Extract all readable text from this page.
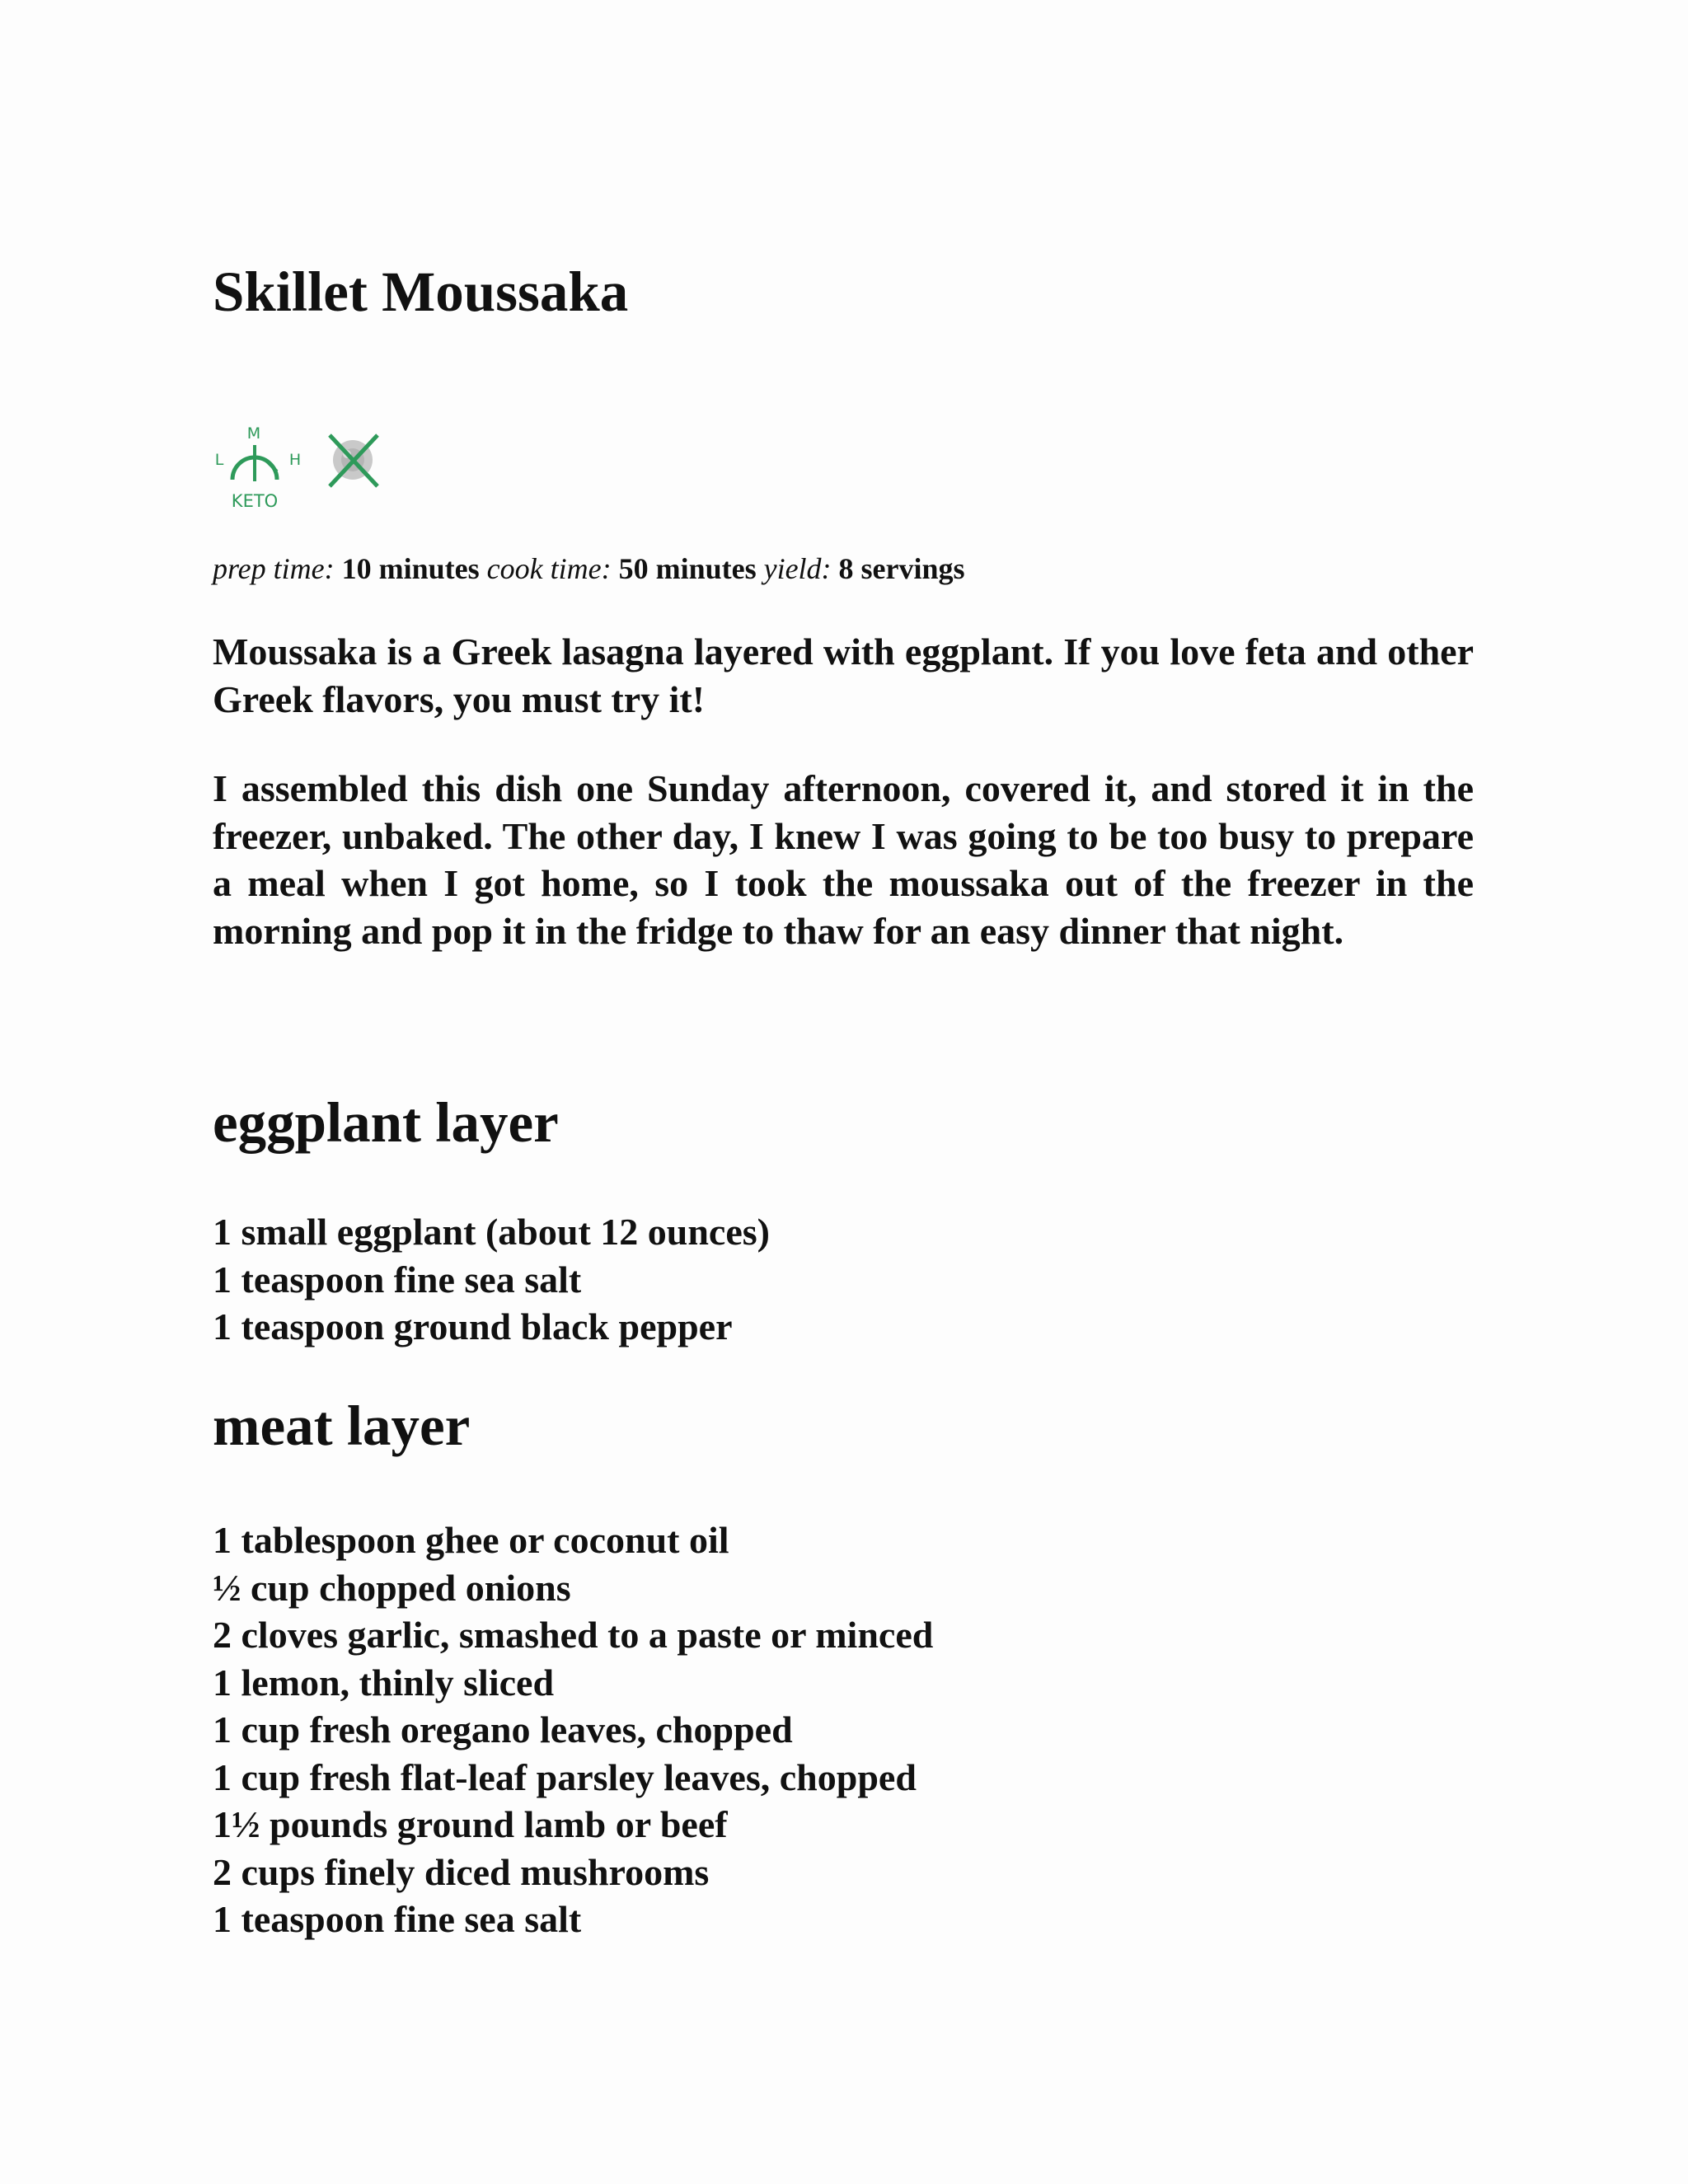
Skillet Moussaka
M
L	H
KETO
prep time: 10 minutes cook time: 50 minutes yield: 8 servings

Moussaka is a Greek lasagna layered with eggplant. If you love feta and other Greek flavors, you must try it!

I assembled this dish one Sunday afternoon, covered it, and stored it in the freezer, unbaked. The other day, I knew I was going to be too busy to prepare a meal when I got home, so I took the moussaka out of the freezer in the morning and pop it in the fridge to thaw for an easy dinner that night.

eggplant layer
1 small eggplant (about 12 ounces)
1 teaspoon fine sea salt
1 teaspoon ground black pepper
meat layer
1 tablespoon ghee or coconut oil
½ cup chopped onions
2 cloves garlic, smashed to a paste or minced
1 lemon, thinly sliced
1 cup fresh oregano leaves, chopped
1 cup fresh flat-leaf parsley leaves, chopped
1½ pounds ground lamb or beef
2 cups finely diced mushrooms
1 teaspoon fine sea salt
